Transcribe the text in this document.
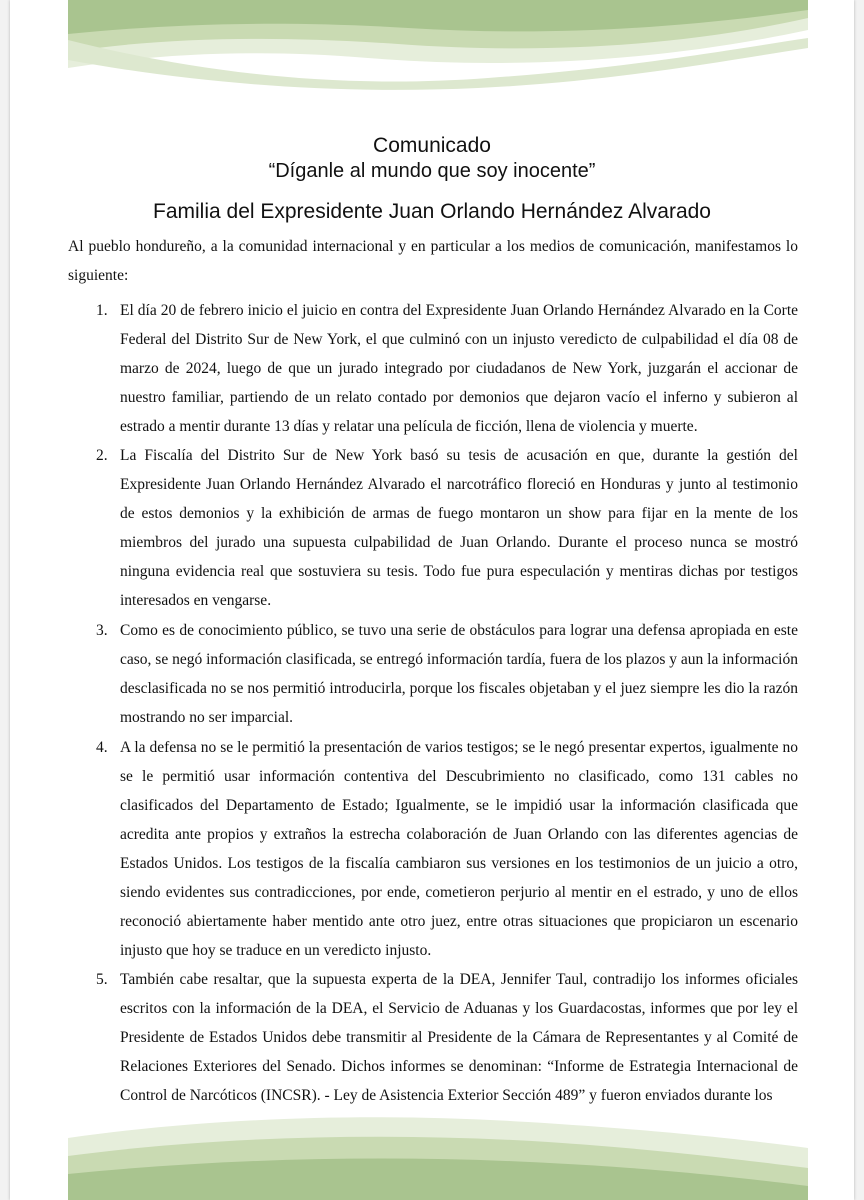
Comunicado
“Díganle al mundo que soy inocente”
Familia del Expresidente Juan Orlando Hernández Alvarado
Al pueblo hondureño, a la comunidad internacional y en particular a los medios de comunicación, manifestamos lo siguiente:
1. El día 20 de febrero inicio el juicio en contra del Expresidente Juan Orlando Hernández Alvarado en la Corte Federal del Distrito Sur de New York, el que culminó con un injusto veredicto de culpabilidad el día 08 de marzo de 2024, luego de que un jurado integrado por ciudadanos de New York, juzgarán el accionar de nuestro familiar, partiendo de un relato contado por demonios que dejaron vacío el inferno y subieron al estrado a mentir durante 13 días y relatar una película de ficción, llena de violencia y muerte.
2. La Fiscalía del Distrito Sur de New York basó su tesis de acusación en que, durante la gestión del Expresidente Juan Orlando Hernández Alvarado el narcotráfico floreció en Honduras y junto al testimonio de estos demonios y la exhibición de armas de fuego montaron un show para fijar en la mente de los miembros del jurado una supuesta culpabilidad de Juan Orlando. Durante el proceso nunca se mostró ninguna evidencia real que sostuviera su tesis. Todo fue pura especulación y mentiras dichas por testigos interesados en vengarse.
3. Como es de conocimiento público, se tuvo una serie de obstáculos para lograr una defensa apropiada en este caso, se negó información clasificada, se entregó información tardía, fuera de los plazos y aun la información desclasificada no se nos permitió introducirla, porque los fiscales objetaban y el juez siempre les dio la razón mostrando no ser imparcial.
4. A la defensa no se le permitió la presentación de varios testigos; se le negó presentar expertos, igualmente no se le permitió usar información contentiva del Descubrimiento no clasificado, como 131 cables no clasificados del Departamento de Estado; Igualmente, se le impidió usar la información clasificada que acredita ante propios y extraños la estrecha colaboración de Juan Orlando con las diferentes agencias de Estados Unidos. Los testigos de la fiscalía cambiaron sus versiones en los testimonios de un juicio a otro, siendo evidentes sus contradicciones, por ende, cometieron perjurio al mentir en el estrado, y uno de ellos reconoció abiertamente haber mentido ante otro juez, entre otras situaciones que propiciaron un escenario injusto que hoy se traduce en un veredicto injusto.
5. También cabe resaltar, que la supuesta experta de la DEA, Jennifer Taul, contradijo los informes oficiales escritos con la información de la DEA, el Servicio de Aduanas y los Guardacostas, informes que por ley el Presidente de Estados Unidos debe transmitir al Presidente de la Cámara de Representantes y al Comité de Relaciones Exteriores del Senado. Dichos informes se denominan: “Informe de Estrategia Internacional de Control de Narcóticos (INCSR). - Ley de Asistencia Exterior Sección 489” y fueron enviados durante los
